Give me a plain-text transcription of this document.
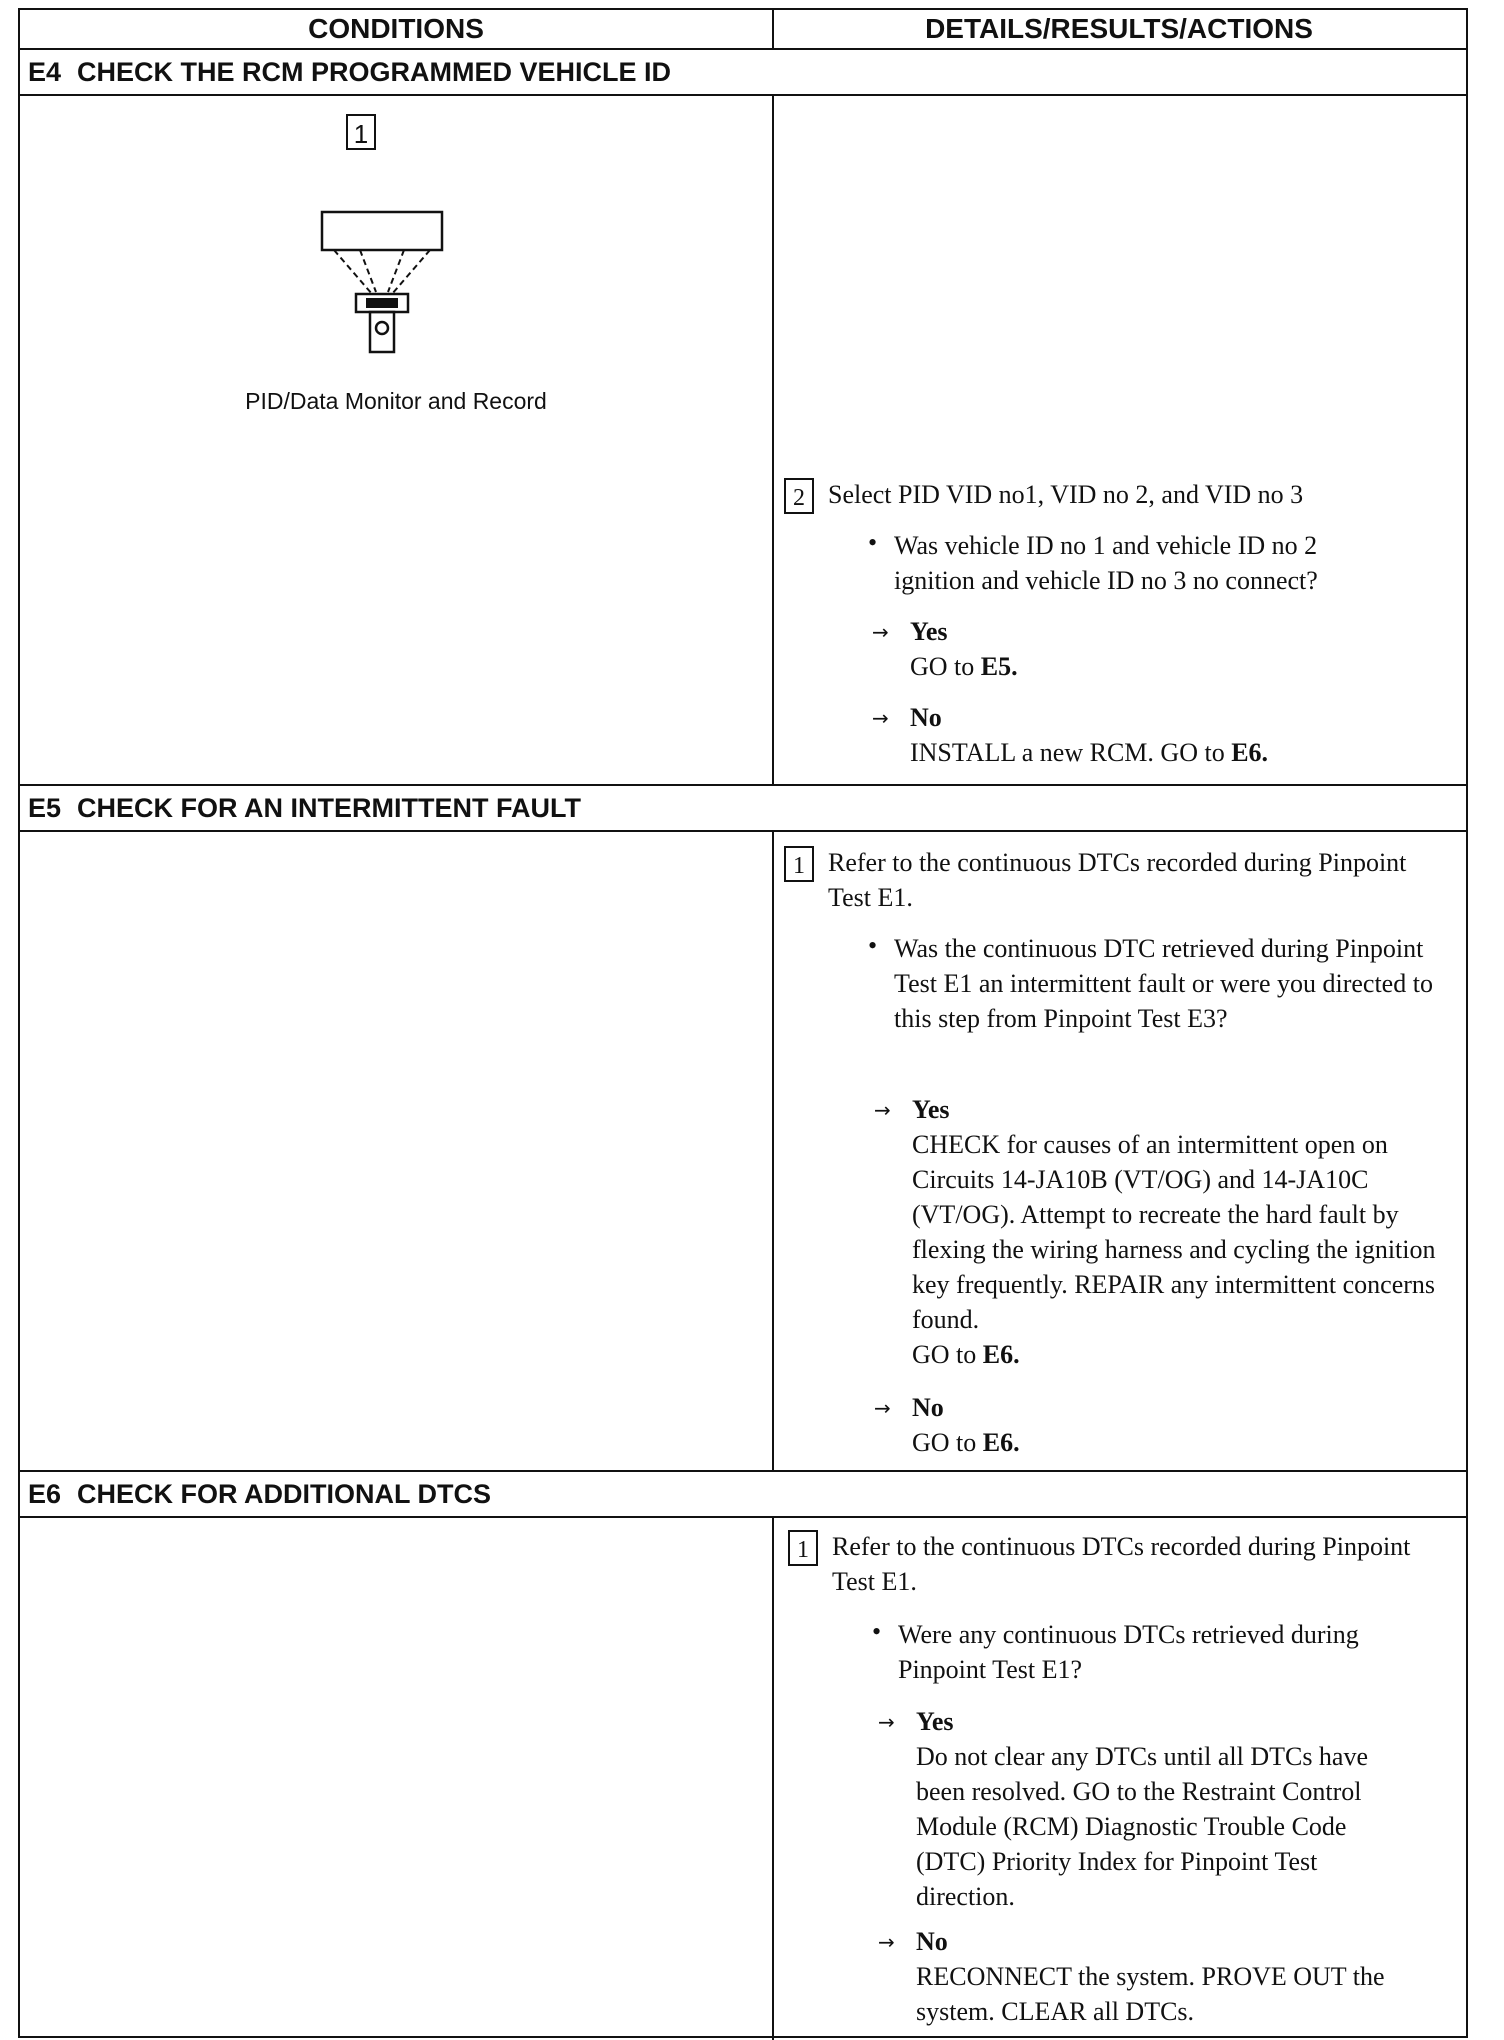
CONDITIONS	DETAILS/RESULTS/ACTIONS
E4 CHECK THE RCM PROGRAMMED VEHICLE ID
1
PID/Data Monitor and Record
2 Select PID VID no1, VID no 2, and VID no 3
• Was vehicle ID no 1 and vehicle ID no 2 ignition and vehicle ID no 3 no connect?
→ Yes
GO to E5.
→ No
INSTALL a new RCM. GO to E6.
E5 CHECK FOR AN INTERMITTENT FAULT
1 Refer to the continuous DTCs recorded during Pinpoint Test E1.
• Was the continuous DTC retrieved during Pinpoint Test E1 an intermittent fault or were you directed to this step from Pinpoint Test E3?
→ Yes
CHECK for causes of an intermittent open on Circuits 14-JA10B (VT/OG) and 14-JA10C (VT/OG). Attempt to recreate the hard fault by flexing the wiring harness and cycling the ignition key frequently. REPAIR any intermittent concerns found.
GO to E6.
→ No
GO to E6.
E6 CHECK FOR ADDITIONAL DTCS
1 Refer to the continuous DTCs recorded during Pinpoint Test E1.
• Were any continuous DTCs retrieved during Pinpoint Test E1?
→ Yes
Do not clear any DTCs until all DTCs have been resolved. GO to the Restraint Control Module (RCM) Diagnostic Trouble Code (DTC) Priority Index for Pinpoint Test direction.
→ No
RECONNECT the system. PROVE OUT the system. CLEAR all DTCs.
